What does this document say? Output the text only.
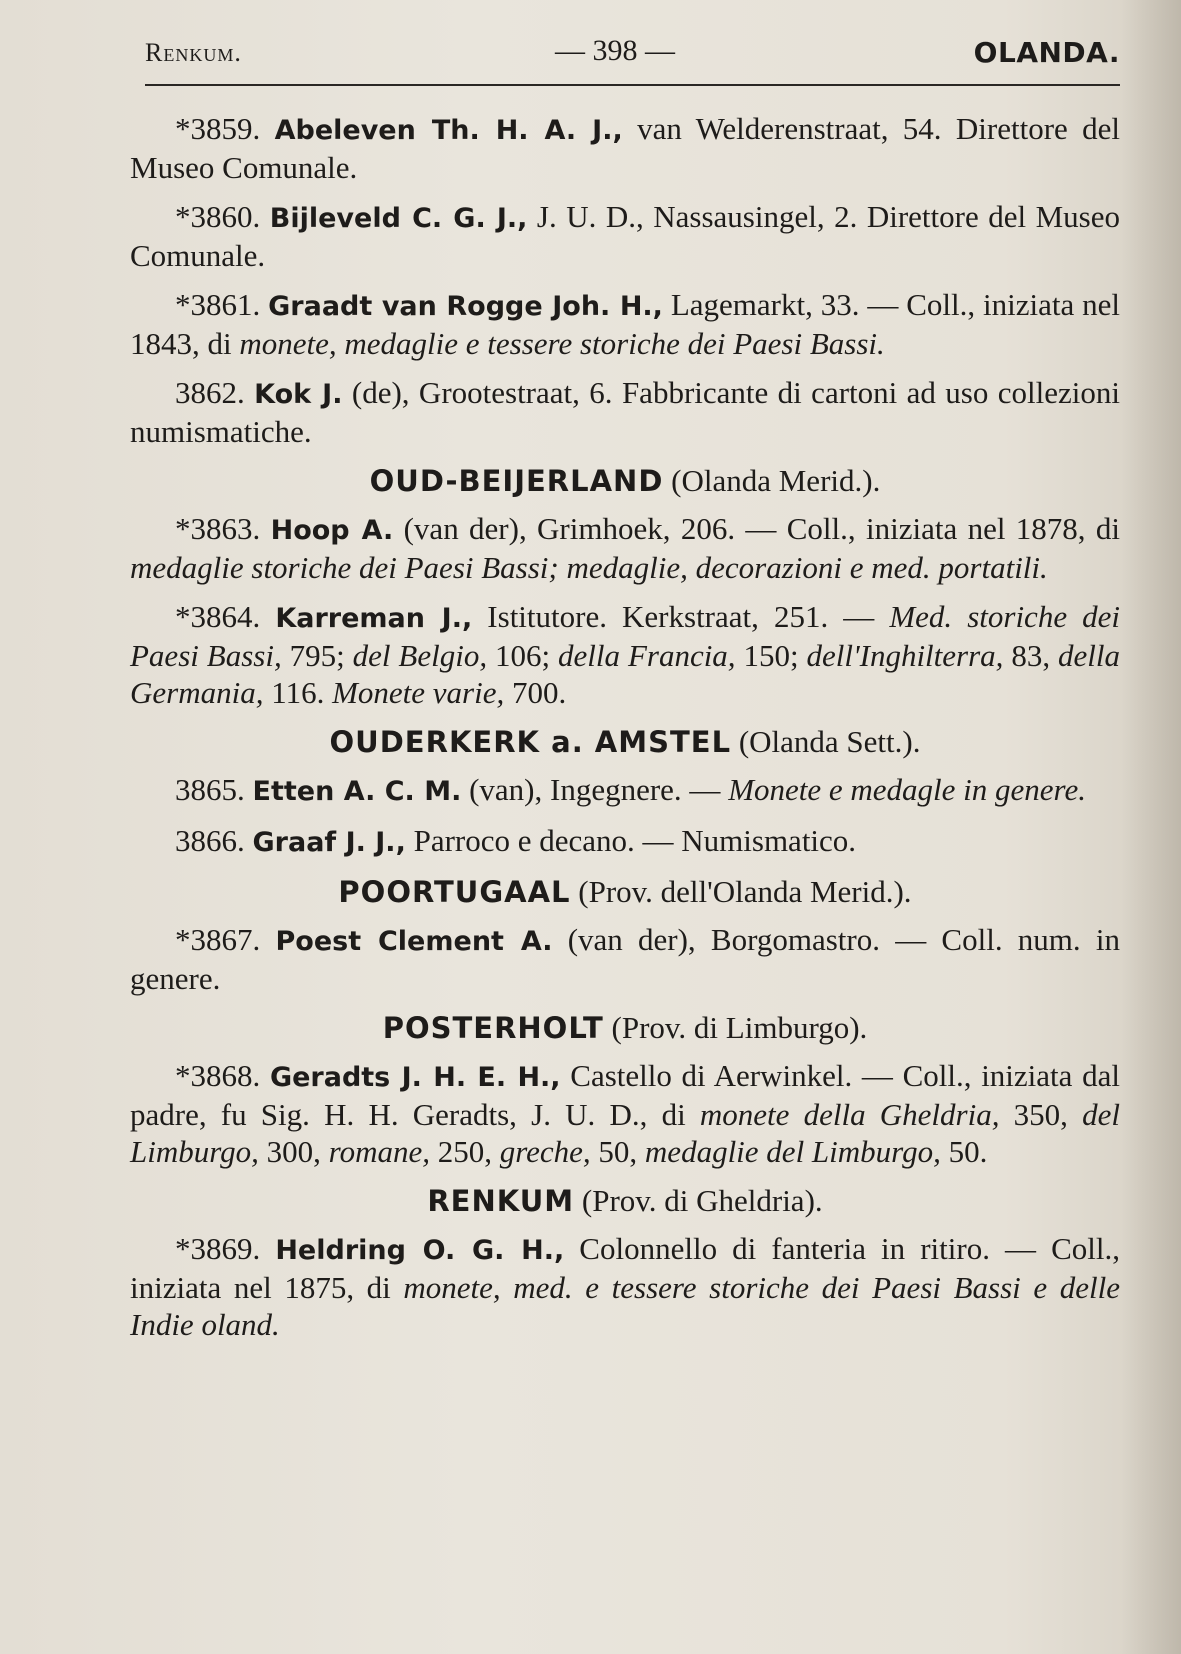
Renkum.	— 398 —	OLANDA.

*3859. Abeleven Th. H. A. J., van Welderenstraat, 54. Direttore del Museo Comunale.

*3860. Bijleveld C. G. J., J. U. D., Nassausingel, 2. Direttore del Museo Comunale.

*3861. Graadt van Rogge Joh. H., Lagemarkt, 33. — Coll., iniziata nel 1843, di monete, medaglie e tessere storiche dei Paesi Bassi.

3862. Kok J. (de), Grootestraat, 6. Fabbricante di cartoni ad uso collezioni numismatiche.

OUD-BEIJERLAND (Olanda Merid.).

*3863. Hoop A. (van der), Grimhoek, 206. — Coll., iniziata nel 1878, di medaglie storiche dei Paesi Bassi; medaglie, decorazioni e med. portatili.

*3864. Karreman J., Istitutore. Kerkstraat, 251. — Med. storiche dei Paesi Bassi, 795; del Belgio, 106; della Francia, 150; dell'Inghilterra, 83, della Germania, 116. Monete varie, 700.

OUDERKERK a. AMSTEL (Olanda Sett.).

3865. Etten A. C. M. (van), Ingegnere. — Monete e medagle in genere.

3866. Graaf J. J., Parroco e decano. — Numismatico.

POORTUGAAL (Prov. dell'Olanda Merid.).

*3867. Poest Clement A. (van der), Borgomastro. — Coll. num. in genere.

POSTERHOLT (Prov. di Limburgo).

*3868. Geradts J. H. E. H., Castello di Aerwinkel. — Coll., iniziata dal padre, fu Sig. H. H. Geradts, J. U. D., di monete della Gheldria, 350, del Limburgo, 300, romane, 250, greche, 50, medaglie del Limburgo, 50.

RENKUM (Prov. di Gheldria).

*3869. Heldring O. G. H., Colonnello di fanteria in ritiro. — Coll., iniziata nel 1875, di monete, med. e tessere storiche dei Paesi Bassi e delle Indie oland.
